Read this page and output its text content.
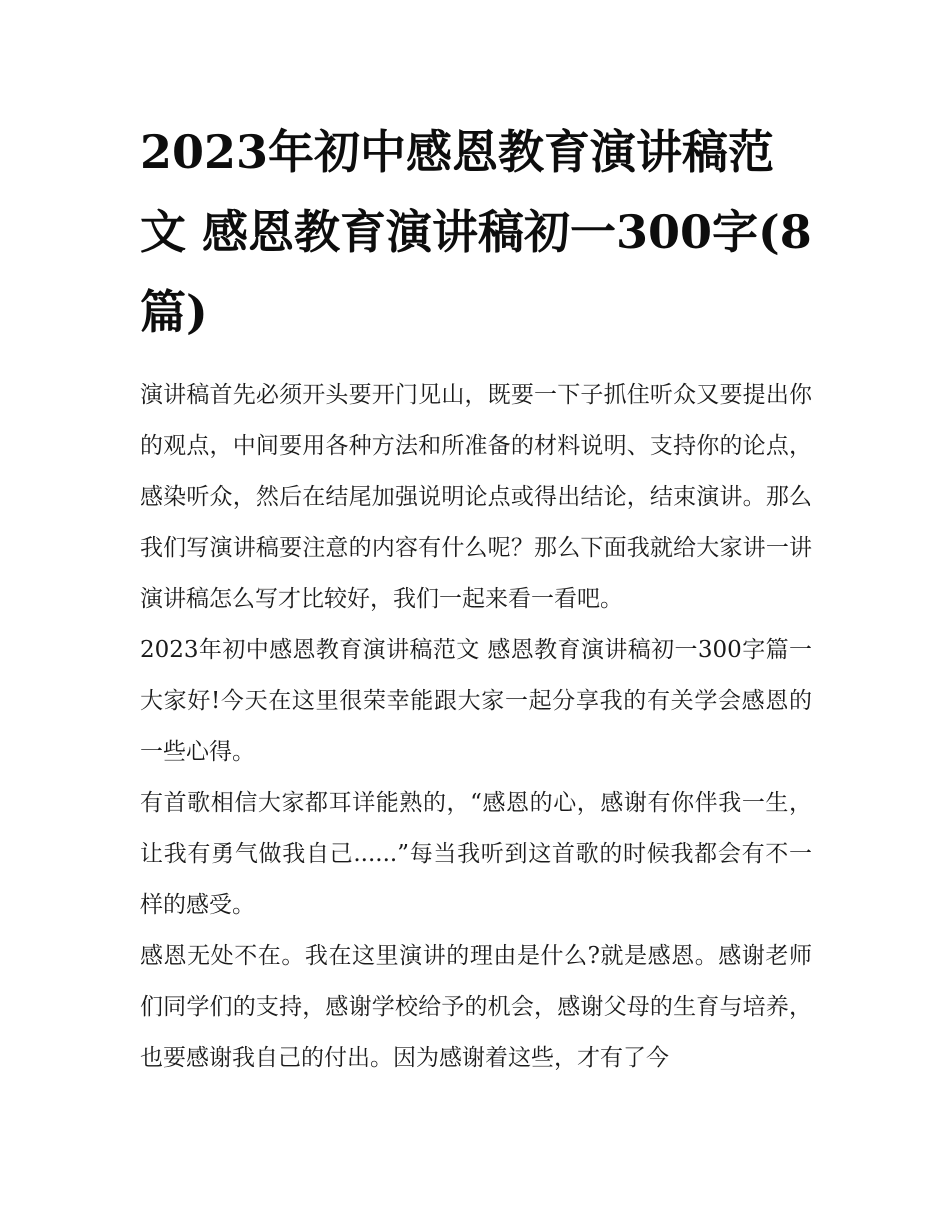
2023年初中感恩教育演讲稿范文 感恩教育演讲稿初一300字(8篇)

演讲稿首先必须开头要开门见山，既要一下子抓住听众又要提出你的观点，中间要用各种方法和所准备的材料说明、支持你的论点，感染听众，然后在结尾加强说明论点或得出结论，结束演讲。那么我们写演讲稿要注意的内容有什么呢？那么下面我就给大家讲一讲演讲稿怎么写才比较好，我们一起来看一看吧。

2023年初中感恩教育演讲稿范文 感恩教育演讲稿初一300字篇一 大家好!今天在这里很荣幸能跟大家一起分享我的有关学会感恩的一些心得。

有首歌相信大家都耳详能熟的，“感恩的心，感谢有你伴我一生，让我有勇气做我自己......”每当我听到这首歌的时候我都会有不一样的感受。

感恩无处不在。我在这里演讲的理由是什么?就是感恩。感谢老师们同学们的支持，感谢学校给予的机会，感谢父母的生育与培养，也要感谢我自己的付出。因为感谢着这些，才有了今
